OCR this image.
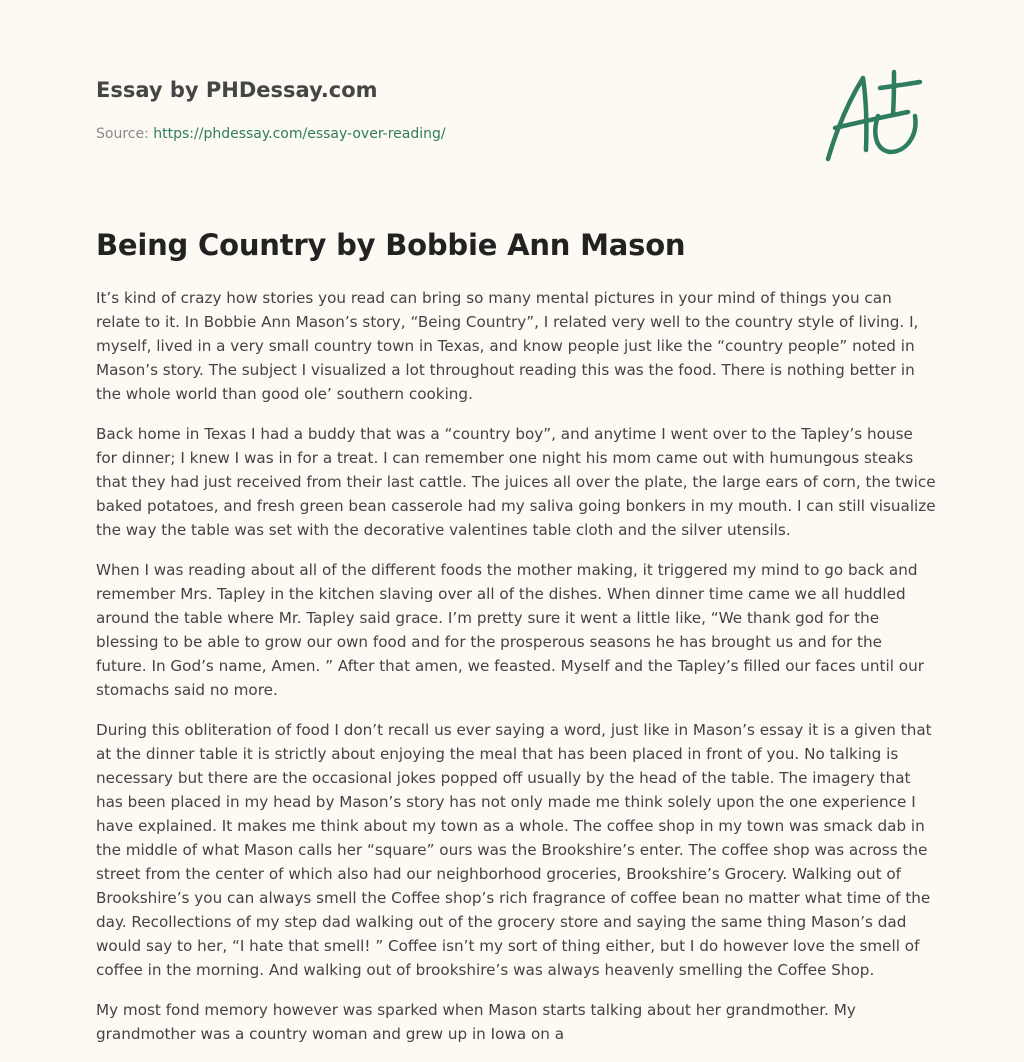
Essay by PHDessay.com
Source: https://phdessay.com/essay-over-reading/
Being Country by Bobbie Ann Mason

It’s kind of crazy how stories you read can bring so many mental pictures in your mind of things you can relate to it. In Bobbie Ann Mason’s story, “Being Country”, I related very well to the country style of living. I, myself, lived in a very small country town in Texas, and know people just like the “country people” noted in Mason’s story. The subject I visualized a lot throughout reading this was the food. There is nothing better in the whole world than good ole’ southern cooking.

Back home in Texas I had a buddy that was a “country boy”, and anytime I went over to the Tapley’s house for dinner; I knew I was in for a treat. I can remember one night his mom came out with humungous steaks that they had just received from their last cattle. The juices all over the plate, the large ears of corn, the twice baked potatoes, and fresh green bean casserole had my saliva going bonkers in my mouth. I can still visualize the way the table was set with the decorative valentines table cloth and the silver utensils.

When I was reading about all of the different foods the mother making, it triggered my mind to go back and remember Mrs. Tapley in the kitchen slaving over all of the dishes. When dinner time came we all huddled around the table where Mr. Tapley said grace. I’m pretty sure it went a little like, “We thank god for the blessing to be able to grow our own food and for the prosperous seasons he has brought us and for the future. In God’s name, Amen. ” After that amen, we feasted. Myself and the Tapley’s filled our faces until our stomachs said no more.

During this obliteration of food I don’t recall us ever saying a word, just like in Mason’s essay it is a given that at the dinner table it is strictly about enjoying the meal that has been placed in front of you. No talking is necessary but there are the occasional jokes popped off usually by the head of the table. The imagery that has been placed in my head by Mason’s story has not only made me think solely upon the one experience I have explained. It makes me think about my town as a whole. The coffee shop in my town was smack dab in the middle of what Mason calls her “square” ours was the Brookshire’s enter. The coffee shop was across the street from the center of which also had our neighborhood groceries, Brookshire’s Grocery. Walking out of Brookshire’s you can always smell the Coffee shop’s rich fragrance of coffee bean no matter what time of the day. Recollections of my step dad walking out of the grocery store and saying the same thing Mason’s dad would say to her, “I hate that smell! ” Coffee isn’t my sort of thing either, but I do however love the smell of coffee in the morning. And walking out of brookshire’s was always heavenly smelling the Coffee Shop.

My most fond memory however was sparked when Mason starts talking about her grandmother. My grandmother was a country woman and grew up in Iowa on a
